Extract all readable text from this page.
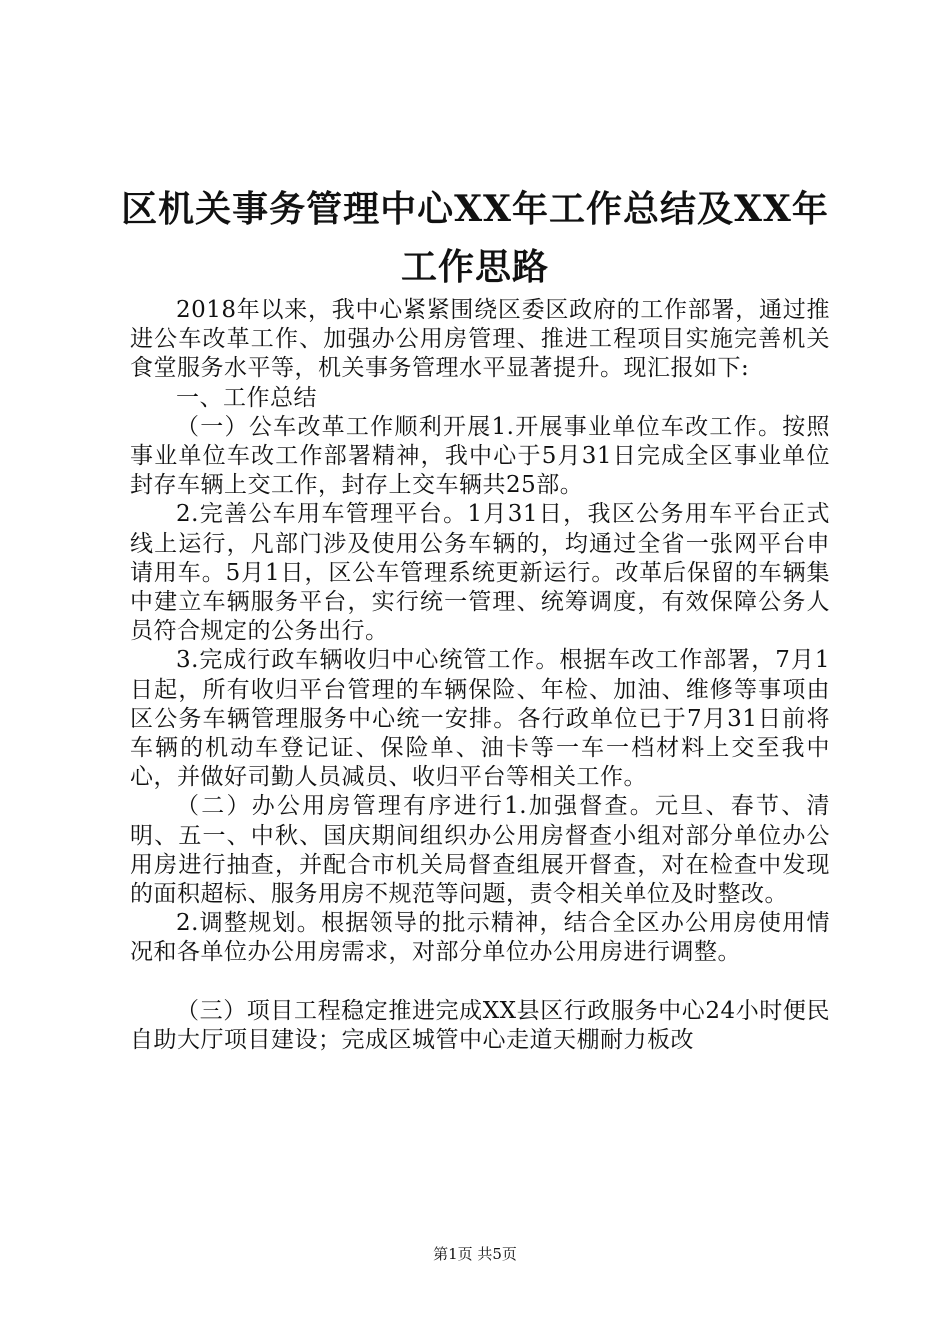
区机关事务管理中心XX年工作总结及XX年工作思路

2018年以来，我中心紧紧围绕区委区政府的工作部署，通过推进公车改革工作、加强办公用房管理、推进工程项目实施完善机关食堂服务水平等，机关事务管理水平显著提升。现汇报如下:

一、工作总结

（一）公车改革工作顺利开展1.开展事业单位车改工作。按照事业单位车改工作部署精神，我中心于5月31日完成全区事业单位封存车辆上交工作，封存上交车辆共25部。

2.完善公车用车管理平台。1月31日，我区公务用车平台正式线上运行，凡部门涉及使用公务车辆的，均通过全省一张网平台申请用车。5月1日，区公车管理系统更新运行。改革后保留的车辆集中建立车辆服务平台，实行统一管理、统筹调度，有效保障公务人员符合规定的公务出行。

3.完成行政车辆收归中心统管工作。根据车改工作部署，7月1日起，所有收归平台管理的车辆保险、年检、加油、维修等事项由区公务车辆管理服务中心统一安排。各行政单位已于7月31日前将车辆的机动车登记证、保险单、油卡等一车一档材料上交至我中心，并做好司勤人员减员、收归平台等相关工作。

（二）办公用房管理有序进行1.加强督查。元旦、春节、清明、五一、中秋、国庆期间组织办公用房督查小组对部分单位办公用房进行抽查，并配合市机关局督查组展开督查，对在检查中发现的面积超标、服务用房不规范等问题，责令相关单位及时整改。

2.调整规划。根据领导的批示精神，结合全区办公用房使用情况和各单位办公用房需求，对部分单位办公用房进行调整。

（三）项目工程稳定推进完成XX县区行政服务中心24小时便民自助大厅项目建设；完成区城管中心走道天棚耐力板改

第1页 共5页
